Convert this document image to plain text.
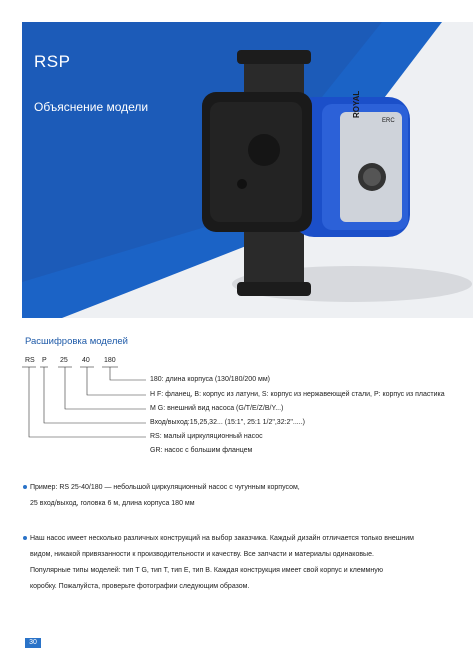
RSP
Объяснение модели	ROYAL
ERC
Расшифровка моделей
RS P 25 40 180
180: длина корпуса (130/180/200 мм)
H F: фланец, B: корпус из латуни, S: корпус из нержавеющей стали, P: корпус из пластика
M G: внешний вид насоса (G/T/E/Z/B/Y...)
Вход/выход:15,25,32... (15:1", 25:1 1/2",32:2".....)
RS: малый циркуляционный насос
GR: насос с большим фланцем
Пример: RS 25-40/180 — небольшой циркуляционный насос с чугунным корпусом,
25 вход/выход, головка 6 м, длина корпуса 180 мм
Наш насос имеет несколько различных конструкций на выбор заказчика. Каждый дизайн отличается только внешним
видом, никакой привязанности к производительности и качеству. Все запчасти и материалы одинаковые.
Популярные типы моделей: тип T G, тип T, тип E, тип B. Каждая конструкция имеет свой корпус и клеммную
коробку. Пожалуйста, проверьте фотографии следующим образом.
30
